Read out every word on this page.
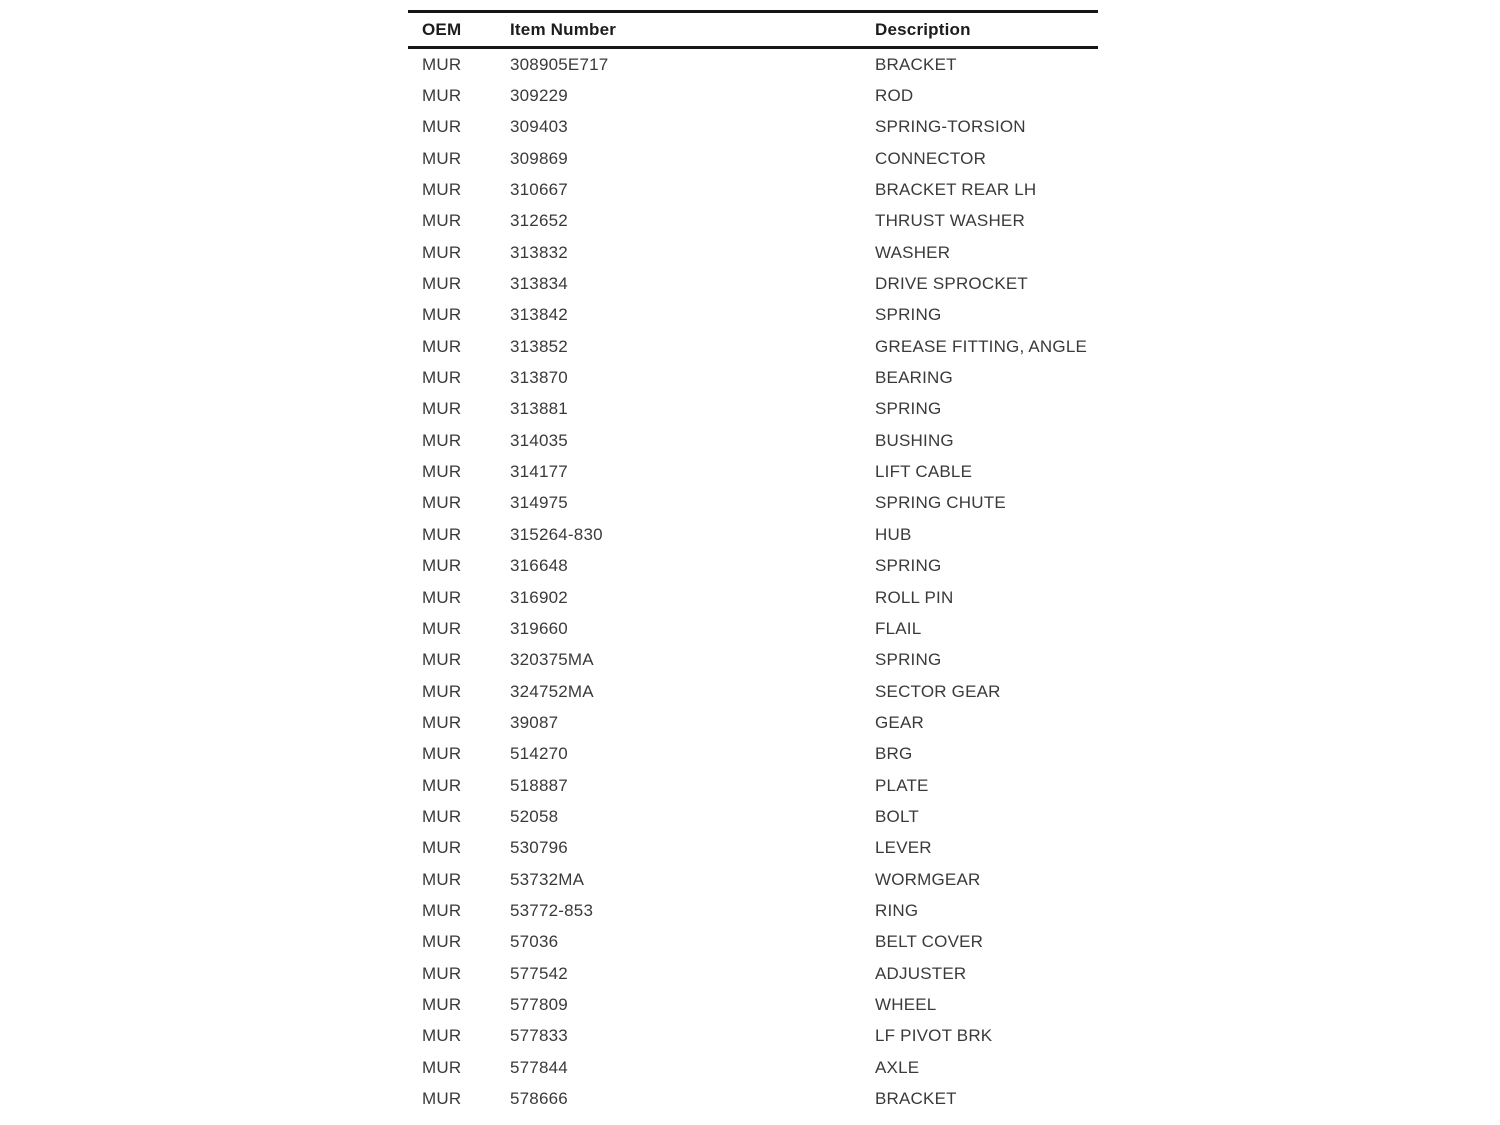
OEM	Item Number	Description
MUR	308905E717	BRACKET
MUR	309229	ROD
MUR	309403	SPRING-TORSION
MUR	309869	CONNECTOR
MUR	310667	BRACKET REAR LH
MUR	312652	THRUST WASHER
MUR	313832	WASHER
MUR	313834	DRIVE SPROCKET
MUR	313842	SPRING
MUR	313852	GREASE FITTING, ANGLE
MUR	313870	BEARING
MUR	313881	SPRING
MUR	314035	BUSHING
MUR	314177	LIFT CABLE
MUR	314975	SPRING CHUTE
MUR	315264-830	HUB
MUR	316648	SPRING
MUR	316902	ROLL PIN
MUR	319660	FLAIL
MUR	320375MA	SPRING
MUR	324752MA	SECTOR GEAR
MUR	39087	GEAR
MUR	514270	BRG
MUR	518887	PLATE
MUR	52058	BOLT
MUR	530796	LEVER
MUR	53732MA	WORMGEAR
MUR	53772-853	RING
MUR	57036	BELT COVER
MUR	577542	ADJUSTER
MUR	577809	WHEEL
MUR	577833	LF PIVOT BRK
MUR	577844	AXLE
MUR	578666	BRACKET
